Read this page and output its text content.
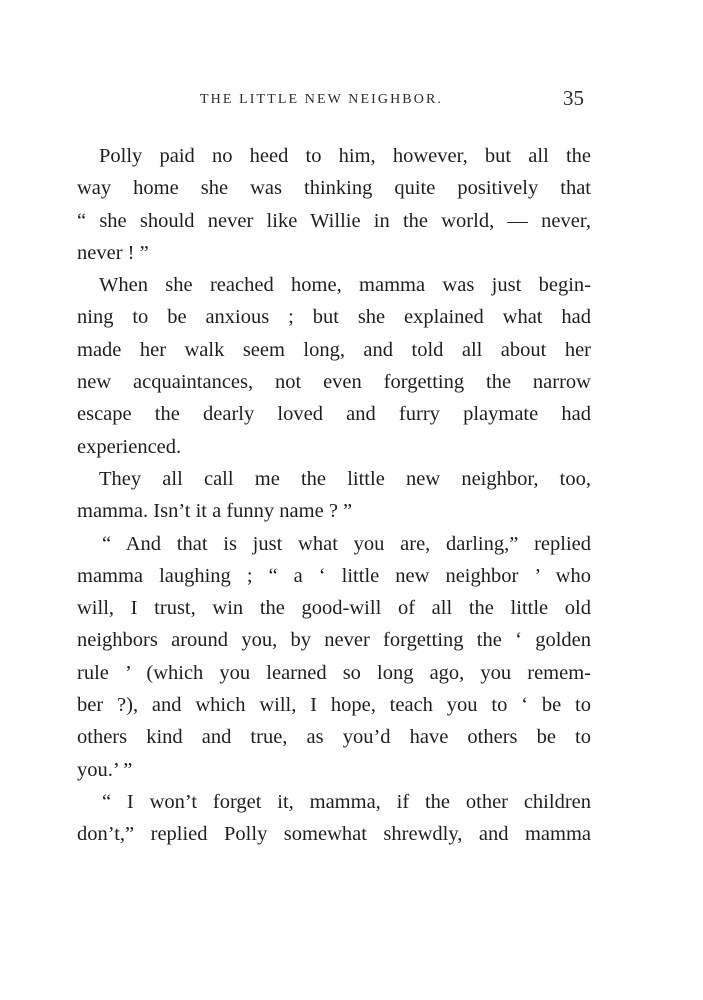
THE LITTLE NEW NEIGHBOR.	35
Polly paid no heed to him, however, but all the
way home she was thinking quite positively that
“ she should never like Willie in the world, — never,
never ! ”
When she reached home, mamma was just begin-
ning to be anxious ; but she explained what had
made her walk seem long, and told all about her
new acquaintances, not even forgetting the narrow
escape the dearly loved and furry playmate had
experienced.
They all call me the little new neighbor, too,
mamma. Isn’t it a funny name ? ”
“ And that is just what you are, darling,” replied
mamma laughing ; “ a ‘ little new neighbor ’ who
will, I trust, win the good-will of all the little old
neighbors around you, by never forgetting the ‘ golden
rule ’ (which you learned so long ago, you remem-
ber ?), and which will, I hope, teach you to ‘ be to
others kind and true, as you’d have others be to
you.’ ”
“ I won’t forget it, mamma, if the other children
don’t,” replied Polly somewhat shrewdly, and mamma
